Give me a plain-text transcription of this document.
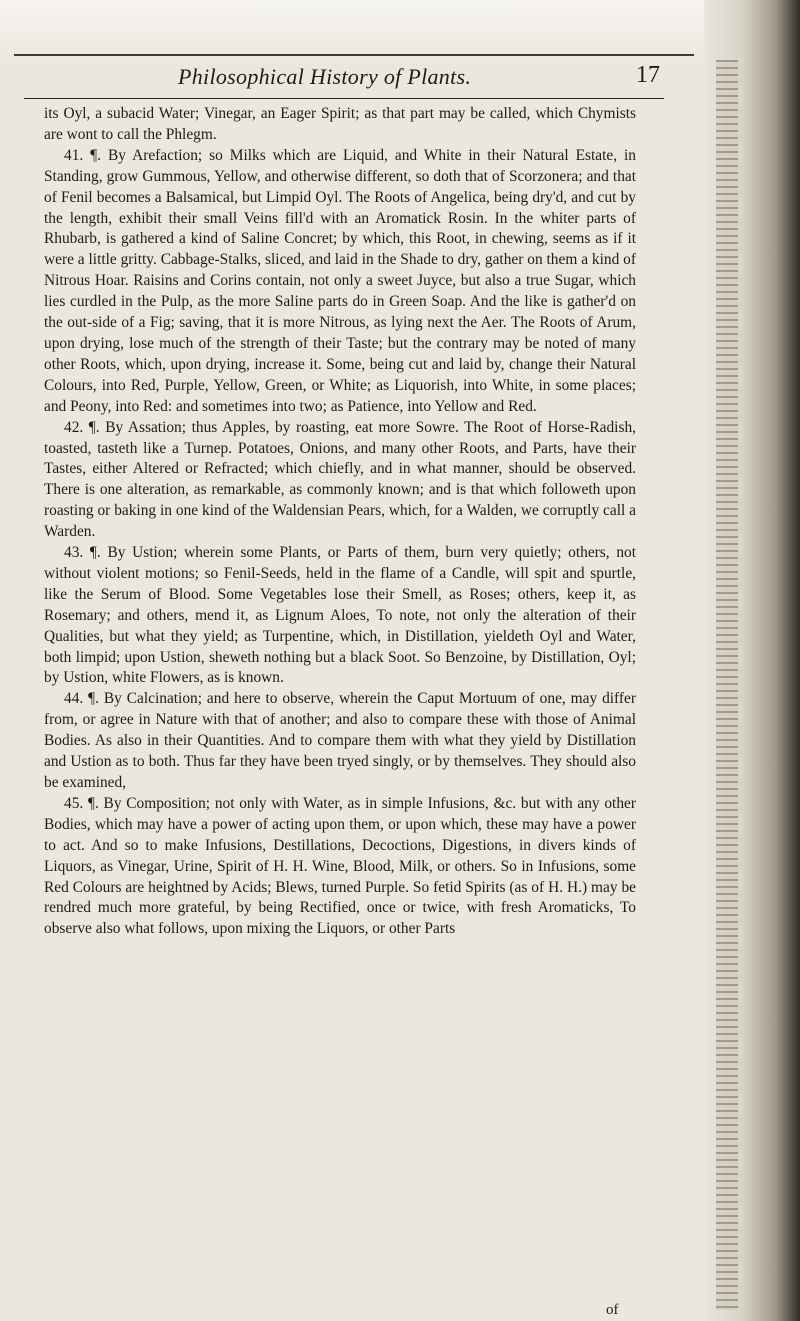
Philosophical History of Plants.	17

its Oyl, a subacid Water; Vinegar, an Eager Spirit; as that part may be called, which Chymists are wont to call the Phlegm.

41. ¶. By Arefaction; so Milks which are Liquid, and White in their Natural Estate, in Standing, grow Gummous, Yellow, and otherwise different, so doth that of Scorzonera; and that of Fenil becomes a Balsamical, but Limpid Oyl. The Roots of Angelica, being dry'd, and cut by the length, exhibit their small Veins fill'd with an Aromatick Rosin. In the whiter parts of Rhubarb, is gathered a kind of Saline Concret; by which, this Root, in chewing, seems as if it were a little gritty. Cabbage-Stalks, sliced, and laid in the Shade to dry, gather on them a kind of Nitrous Hoar. Raisins and Corins contain, not only a sweet Juyce, but also a true Sugar, which lies curdled in the Pulp, as the more Saline parts do in Green Soap. And the like is gather'd on the out-side of a Fig; saving, that it is more Nitrous, as lying next the Aer. The Roots of Arum, upon drying, lose much of the strength of their Taste; but the contrary may be noted of many other Roots, which, upon drying, increase it. Some, being cut and laid by, change their Natural Colours, into Red, Purple, Yellow, Green, or White; as Liquorish, into White, in some places; and Peony, into Red: and sometimes into two; as Patience, into Yellow and Red.

42. ¶. By Assation; thus Apples, by roasting, eat more Sowre. The Root of Horse-Radish, toasted, tasteth like a Turnep. Potatoes, Onions, and many other Roots, and Parts, have their Tastes, either Altered or Refracted; which chiefly, and in what manner, should be observed. There is one alteration, as remarkable, as commonly known; and is that which followeth upon roasting or baking in one kind of the Waldensian Pears, which, for a Walden, we corruptly call a Warden.

43. ¶. By Ustion; wherein some Plants, or Parts of them, burn very quietly; others, not without violent motions; so Fenil-Seeds, held in the flame of a Candle, will spit and spurtle, like the Serum of Blood. Some Vegetables lose their Smell, as Roses; others, keep it, as Rosemary; and others, mend it, as Lignum Aloes, To note, not only the alteration of their Qualities, but what they yield; as Turpentine, which, in Distillation, yieldeth Oyl and Water, both limpid; upon Ustion, sheweth nothing but a black Soot. So Benzoine, by Distillation, Oyl; by Ustion, white Flowers, as is known.

44. ¶. By Calcination; and here to observe, wherein the Caput Mortuum of one, may differ from, or agree in Nature with that of another; and also to compare these with those of Animal Bodies. As also in their Quantities. And to compare them with what they yield by Distillation and Ustion as to both. Thus far they have been tryed singly, or by themselves. They should also be examined,

45. ¶. By Composition; not only with Water, as in simple Infusions, &c. but with any other Bodies, which may have a power of acting upon them, or upon which, these may have a power to act. And so to make Infusions, Destillations, Decoctions, Digestions, in divers kinds of Liquors, as Vinegar, Urine, Spirit of H. H. Wine, Blood, Milk, or others. So in Infusions, some Red Colours are heightned by Acids; Blews, turned Purple. So fetid Spirits (as of H. H.) may be rendred much more grateful, by being Rectified, once or twice, with fresh Aromaticks, To observe also what follows, upon mixing the Liquors, or other Parts

of
